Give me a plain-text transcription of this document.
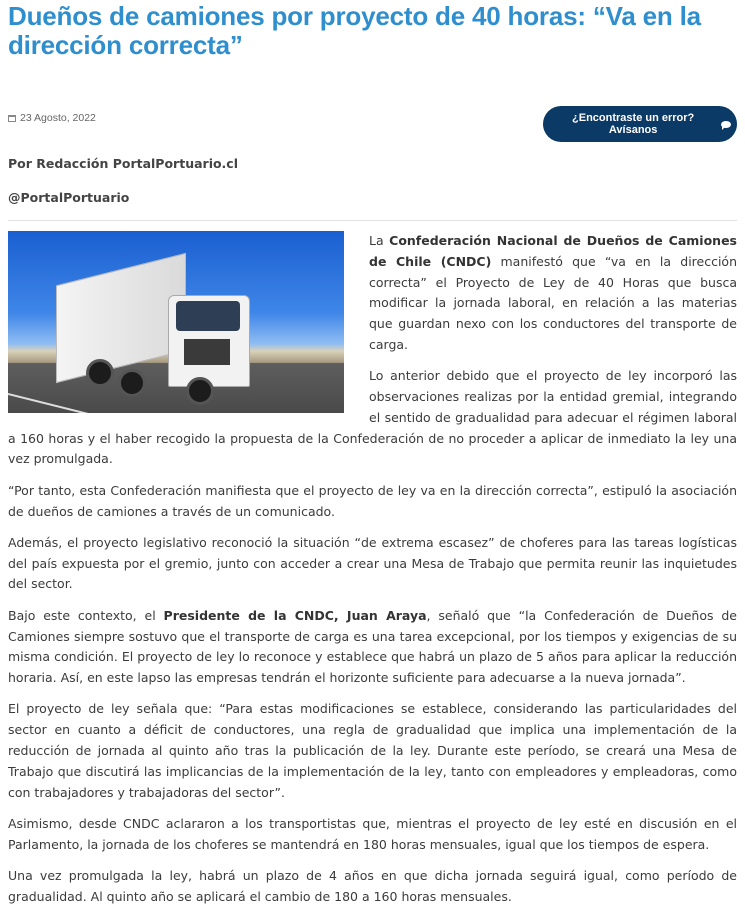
Dueños de camiones por proyecto de 40 horas: “Va en la dirección correcta”
23 Agosto, 2022	¿Encontraste un error? Avísanos
Por Redacción PortalPortuario.cl
@PortalPortuario

La Confederación Nacional de Dueños de Camiones de Chile (CNDC) manifestó que “va en la dirección correcta” el Proyecto de Ley de 40 Horas que busca modificar la jornada laboral, en relación a las materias que guardan nexo con los conductores del transporte de carga.

Lo anterior debido que el proyecto de ley incorporó las observaciones realizas por la entidad gremial, integrando el sentido de gradualidad para adecuar el régimen laboral a 160 horas y el haber recogido la propuesta de la Confederación de no proceder a aplicar de inmediato la ley una vez promulgada.

“Por tanto, esta Confederación manifiesta que el proyecto de ley va en la dirección correcta”, estipuló la asociación de dueños de camiones a través de un comunicado.

Además, el proyecto legislativo reconoció la situación “de extrema escasez” de choferes para las tareas logísticas del país expuesta por el gremio, junto con acceder a crear una Mesa de Trabajo que permita reunir las inquietudes del sector.

Bajo este contexto, el Presidente de la CNDC, Juan Araya, señaló que “la Confederación de Dueños de Camiones siempre sostuvo que el transporte de carga es una tarea excepcional, por los tiempos y exigencias de su misma condición. El proyecto de ley lo reconoce y establece que habrá un plazo de 5 años para aplicar la reducción horaria. Así, en este lapso las empresas tendrán el horizonte suficiente para adecuarse a la nueva jornada”.

El proyecto de ley señala que: “Para estas modificaciones se establece, considerando las particularidades del sector en cuanto a déficit de conductores, una regla de gradualidad que implica una implementación de la reducción de jornada al quinto año tras la publicación de la ley. Durante este período, se creará una Mesa de Trabajo que discutirá las implicancias de la implementación de la ley, tanto con empleadores y empleadoras, como con trabajadores y trabajadoras del sector”.

Asimismo, desde CNDC aclararon a los transportistas que, mientras el proyecto de ley esté en discusión en el Parlamento, la jornada de los choferes se mantendrá en 180 horas mensuales, igual que los tiempos de espera.

Una vez promulgada la ley, habrá un plazo de 4 años en que dicha jornada seguirá igual, como período de gradualidad. Al quinto año se aplicará el cambio de 180 a 160 horas mensuales.
